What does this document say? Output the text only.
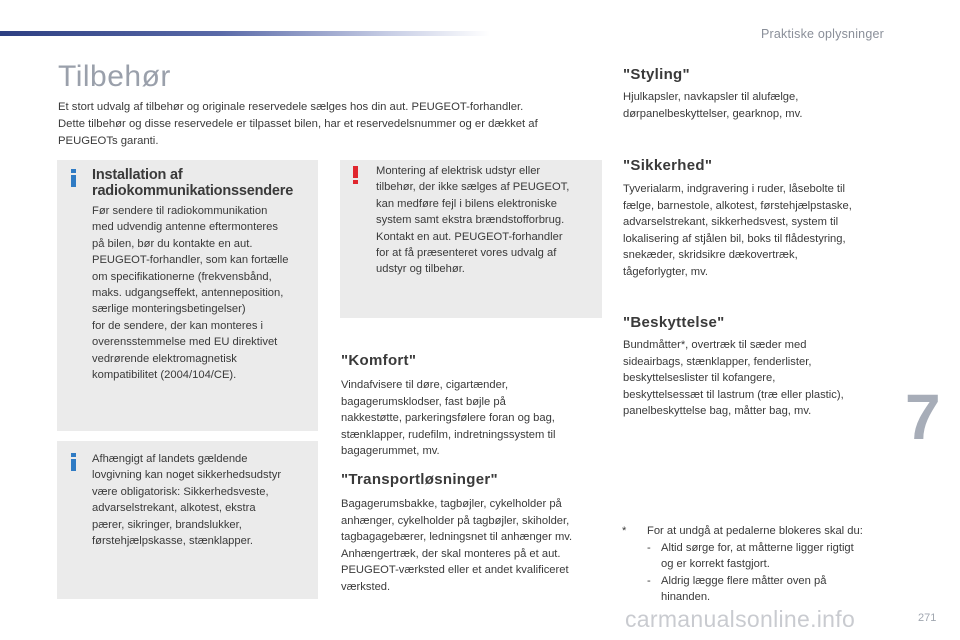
Praktiske oplysninger
Tilbehør

Et stort udvalg af tilbehør og originale reservedele sælges hos din aut. PEUGEOT-forhandler.
Dette tilbehør og disse reservedele er tilpasset bilen, har et reservedelsnummer og er dækket af
PEUGEOTs garanti.

Installation af
radiokommunikationssendere

Før sendere til radiokommunikation
med udvendig antenne eftermonteres
på bilen, bør du kontakte en aut.
PEUGEOT-forhandler, som kan fortælle
om specifikationerne (frekvensbånd,
maks. udgangseffekt, antenneposition,
særlige monteringsbetingelser)
for de sendere, der kan monteres i
overensstemmelse med EU direktivet
vedrørende elektromagnetisk
kompatibilitet (2004/104/CE).

Montering af elektrisk udstyr eller
tilbehør, der ikke sælges af PEUGEOT,
kan medføre fejl i bilens elektroniske
system samt ekstra brændstofforbrug.
Kontakt en aut. PEUGEOT-forhandler
for at få præsenteret vores udvalg af
udstyr og tilbehør.

Afhængigt af landets gældende
lovgivning kan noget sikkerhedsudstyr
være obligatorisk: Sikkerhedsveste,
advarselstrekant, alkotest, ekstra
pærer, sikringer, brandslukker,
førstehjælpskasse, stænklapper.

"Komfort"

Vindafvisere til døre, cigartænder,
bagagerumsklodser, fast bøjle på
nakkestøtte, parkeringsfølere foran og bag,
stænklapper, rudefilm, indretningssystem til
bagagerummet, mv.

"Transportløsninger"

Bagagerumsbakke, tagbøjler, cykelholder på
anhænger, cykelholder på tagbøjler, skiholder,
tagbagagebærer, ledningsnet til anhænger mv.
Anhængertræk, der skal monteres på et aut.
PEUGEOT-værksted eller et andet kvalificeret
værksted.

"Styling"

Hjulkapsler, navkapsler til alufælge,
dørpanelbeskyttelser, gearknop, mv.

"Sikkerhed"

Tyverialarm, indgravering i ruder, låsebolte til
fælge, barnestole, alkotest, førstehjælpstaske,
advarselstrekant, sikkerhedsvest, system til
lokalisering af stjålen bil, boks til flådestyring,
snekæder, skridsikre dækovertræk,
tågeforlygter, mv.

"Beskyttelse"

Bundmåtter*, overtræk til sæder med
sideairbags, stænklapper, fenderlister,
beskyttelseslister til kofangere,
beskyttelsessæt til lastrum (træ eller plastic),
panelbeskyttelse bag, måtter bag, mv.

* For at undgå at pedalerne blokeres skal du:
- Altid sørge for, at måtterne ligger rigtigt
og er korrekt fastgjort.
- Aldrig lægge flere måtter oven på
hinanden.
7
271
carmanualsonline.info
